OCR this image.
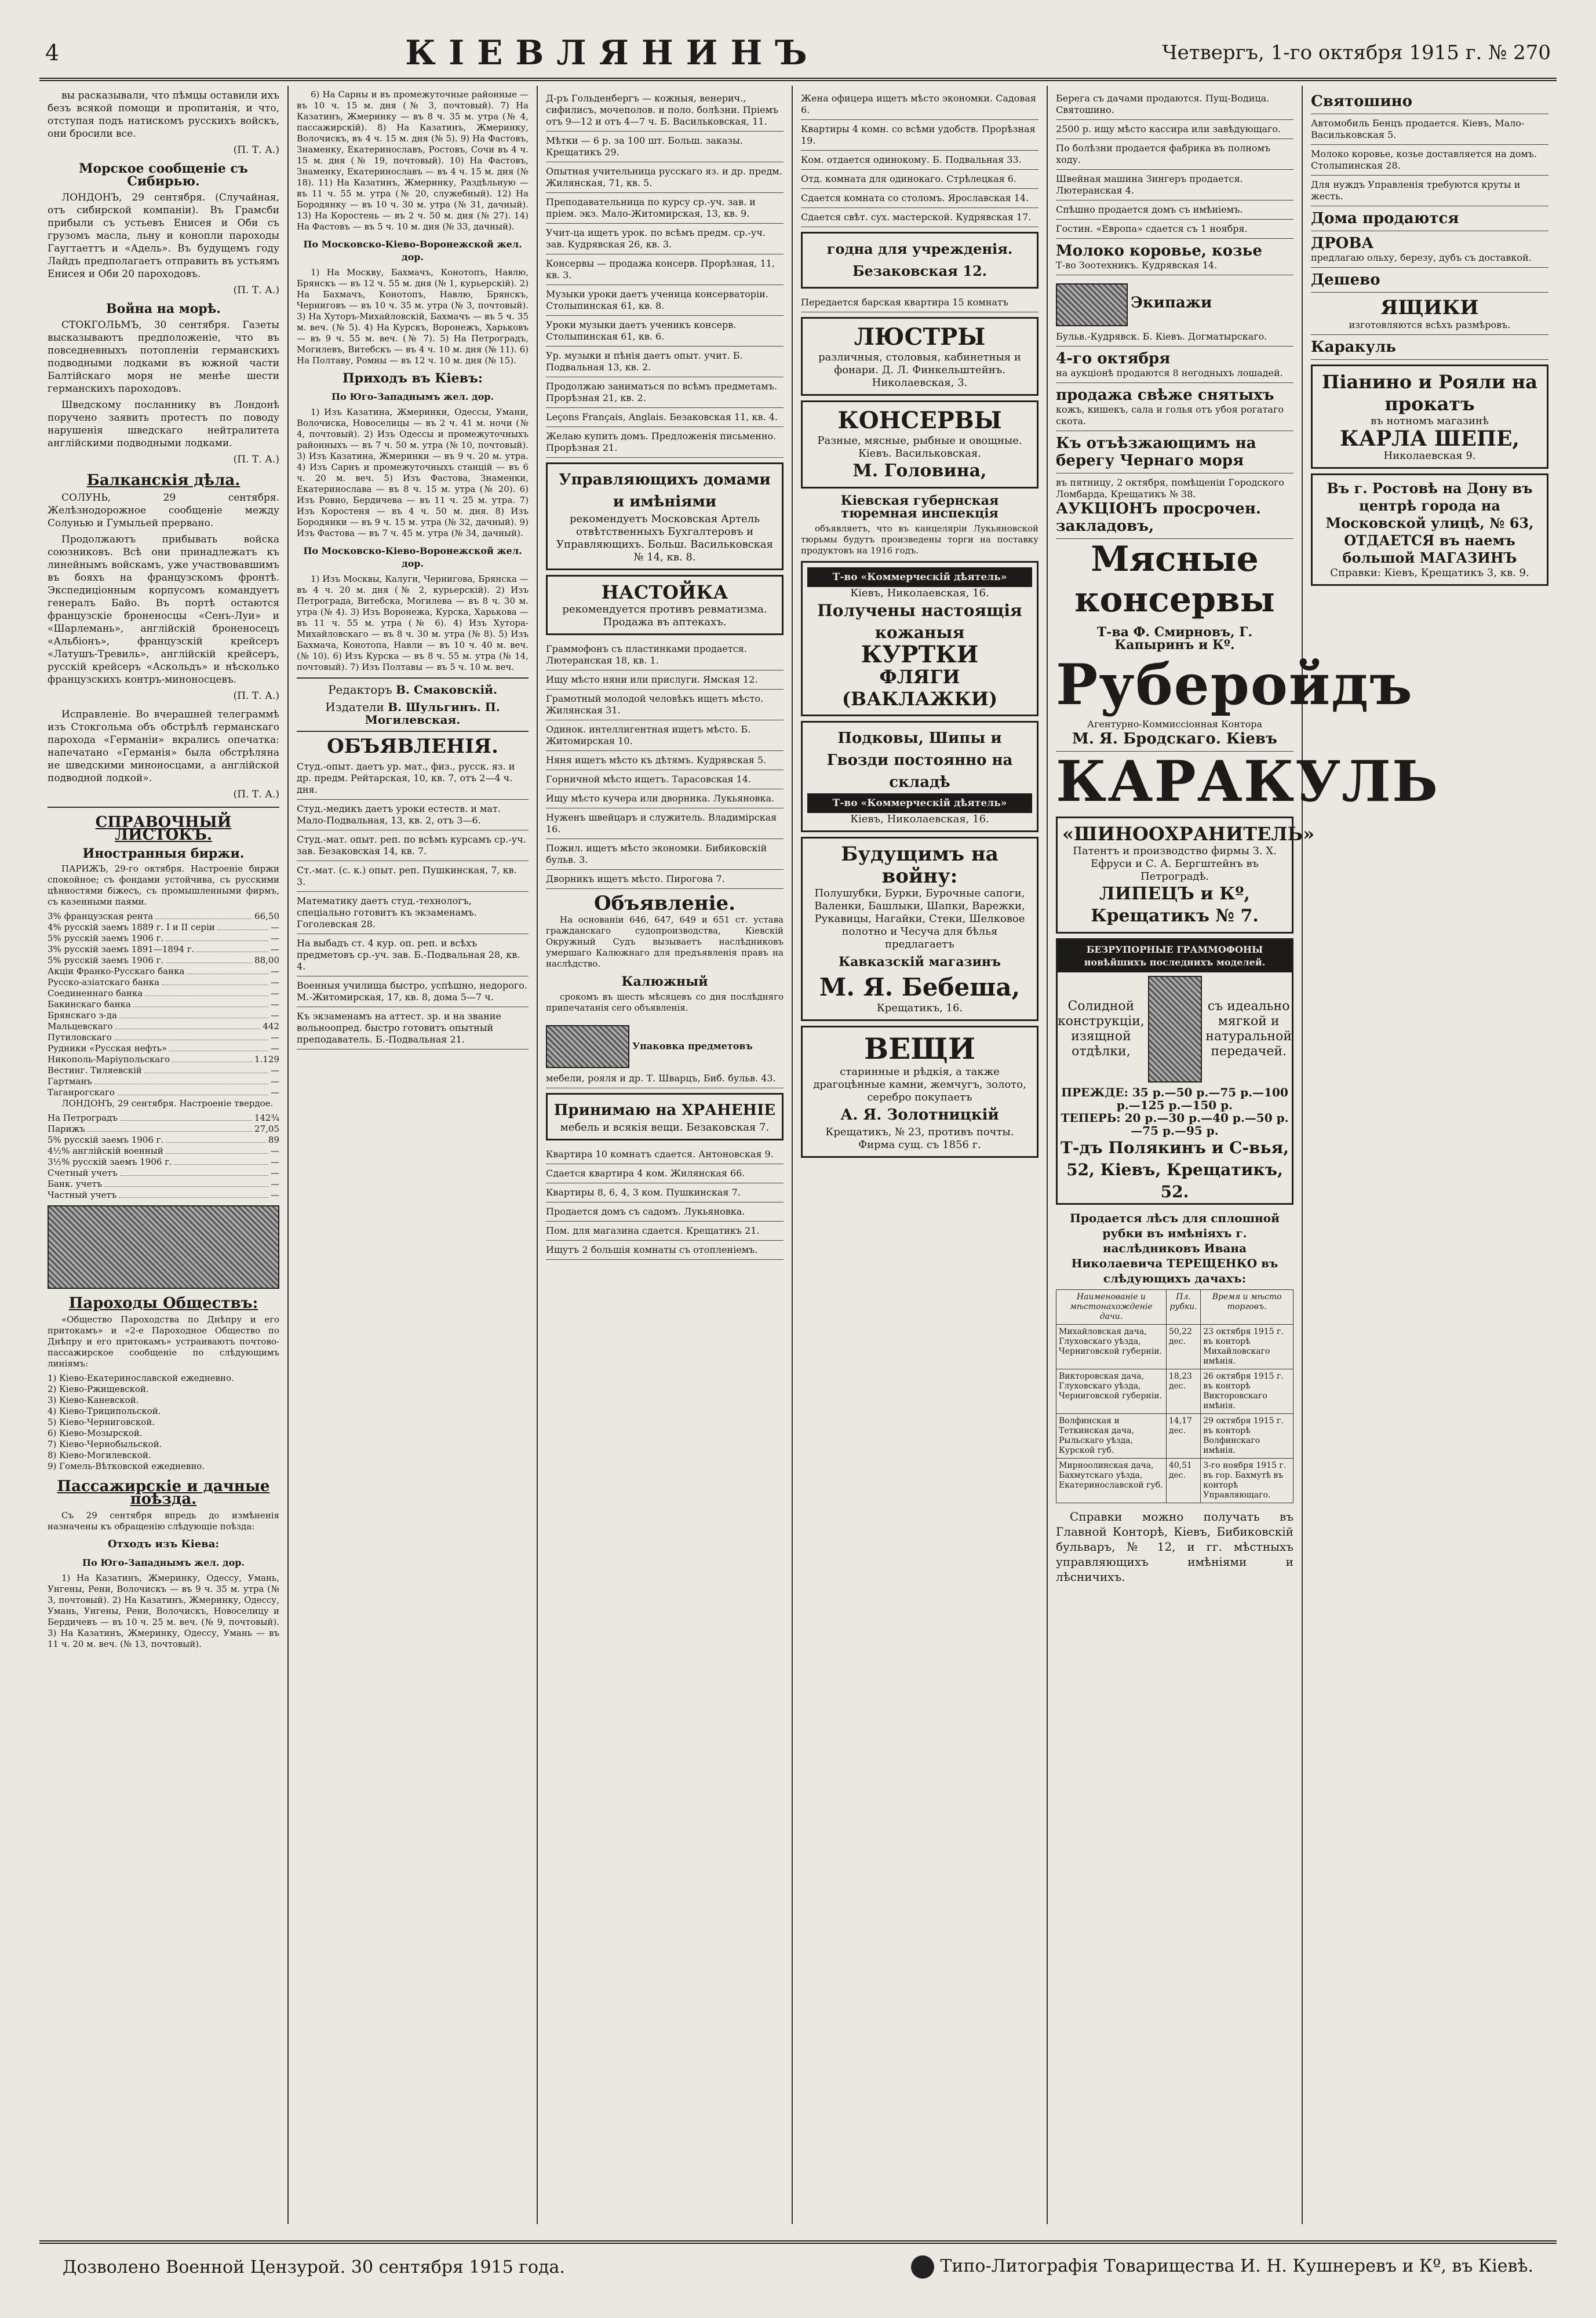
4	КІЕВЛЯНИНЪ	Четвергъ, 1-го октября 1915 г. № 270

вы расказывали, что пѣмцы оставили ихъ безъ всякой помощи и пропитанія, и что, отступая подъ натискомъ русскихъ войскъ, они бросили все.

(П. Т. А.)

Морское сообщеніе съ Сибирью.

ЛОНДОНЪ, 29 сентября. (Случайная, отъ сибирской компаніи). Въ Грамсби прибыли съ устьевъ Енисея и Оби съ грузомъ масла, льну и конопли пароходы Гаугтаеттъ и «Адель». Въ будущемъ году Лайдъ предполагаетъ отправить въ устьямъ Енисея и Оби 20 пароходовъ.

(П. Т. А.)

Война на морѣ.

СТОКГОЛЬМЪ, 30 сентября. Газеты высказываютъ предположеніе, что въ повседневныхъ потопленіи германскихъ подводными лодками въ южной части Балтійскаго моря не менѣе шести германскихъ пароходовъ.

Шведскому посланнику въ Лондонѣ поручено заявить протестъ по поводу нарушенія шведскаго нейтралитета англійскими подводными лодками.

(П. Т. А.)

Балканскія дѣла.

СОЛУНЬ, 29 сентября. Желѣзнодорожное сообщеніе между Солунью и Гумыльей прервано.

Продолжаютъ прибывать войска союзниковъ. Всѣ они принадлежатъ къ линейнымъ войскамъ, уже участвовавшимъ въ бояхъ на французскомъ фронтѣ. Экспедиціонным корпусомъ командуетъ генералъ Байо. Въ портѣ остаются французскіе броненосцы «Сенъ-Луи» и «Шарлемань», англійскій броненосецъ «Альбіонъ», французскій крейсеръ «Латушъ-Тревиль», англійскій крейсеръ, русскій крейсеръ «Аскольдъ» и нѣсколько французскихъ контръ-миноносцевъ.

(П. Т. А.)

Исправленіе. Во вчерашней телеграммѣ изъ Стокгольма объ обстрѣлѣ германскаго парохода «Германіи» вкрались опечатка: напечатано «Германія» была обстрѣляна не шведскими миноносцами, а англійской подводной лодкой».

(П. Т. А.)

СПРАВОЧНЫЙ ЛИСТОКЪ.
Иностранныя биржи.

ПАРИЖЪ, 29-го октября. Настроеніе биржи спокойное; съ фондами устойчива, съ русскими цѣнностями біжесъ, съ промышленными фирмъ, съ казенными паями.

3% французская рента	66,50
4% русскій заемъ 1889 г. I и II серіи	—
5% русскій заемъ 1906 г.	—
3% русскій заемъ 1891—1894 г.	—
5% русскій заемъ 1906 г.	88,00
Акціи Франко-Русскаго банка	—
Русско-азіатскаго банка	—
Соединеннаго банка	—
Бакинскаго банка	—
Брянскаго з-да	—
Мальцевскаго	442
Путиловскаго	—
Рудники «Русская нефть»	—
Никополь-Маріупольскаго	1.129
Вестинг. Тиляевскій	—
Гартманъ	—
Таганрогскаго	—

ЛОНДОНЪ, 29 сентября. Настроеніе твердое.

На Петроградъ	142¾
Парижъ	27,05
5% русскій заемъ 1906 г.	89
4½% англійскій военный	—
3½% русскій заемъ 1906 г.	—
Счетный учетъ	—
Банк. учетъ	—
Частный учетъ	—
Пароходы Обществъ:

«Общество Пароходства по Днѣпру и его притокамъ» и «2-е Пароходное Общество по Днѣпру и его притокамъ» устраиваютъ почтово-пассажирское сообщеніе по слѣдующимъ линіямъ:

1) Кіево-Екатеринославской ежедневно.
2) Кіево-Ржищевской.
3) Кіево-Каневской.
4) Кіево-Триципольской.
5) Кіево-Черниговской.
6) Кіево-Мозырской.
7) Кіево-Чернобыльской.
8) Кіево-Могилевской.
9) Гомель-Вѣтковской ежедневно.
Пассажирскіе и дачные поѣзда.

Съ 29 сентября впредь до измѣненія назначены къ обращенію слѣдующіе поѣзда:

Отходъ изъ Кіева:
По Юго-Западнымъ жел. дор.

1) На Казатинъ, Жмеринку, Одессу, Умань, Унгены, Рени, Волочискъ — въ 9 ч. 35 м. утра (№ 3, почтовый). 2) На Казатинъ, Жмеринку, Одессу, Умань, Унгены, Рени, Волочискъ, Новоселицу и Бердичевъ — въ 10 ч. 25 м. веч. (№ 9, почтовый). 3) На Казатинъ, Жмеринку, Одессу, Умань — въ 11 ч. 20 м. веч. (№ 13, почтовый).

6) На Сарны и въ промежуточные районные — въ 10 ч. 15 м. дня (№ 3, почтовый). 7) На Казатинъ, Жмеринку — въ 8 ч. 35 м. утра (№ 4, пассажирскій). 8) На Казатинъ, Жмеринку, Волочискъ, въ 4 ч. 15 м. дня (№ 5). 9) На Фастовъ, Знаменку, Екатеринославъ, Ростовъ, Сочи въ 4 ч. 15 м. дня (№ 19, почтовый). 10) На Фастовъ, Знаменку, Екатеринославъ — въ 4 ч. 15 м. дня (№ 18). 11) На Казатинъ, Жмеринку, Раздѣльную — въ 11 ч. 55 м. утра (№ 20, служебный). 12) На Бородянку — въ 10 ч. 30 м. утра (№ 31, дачный). 13) На Коростень — въ 2 ч. 50 м. дня (№ 27). 14) На Фастовъ — въ 5 ч. 10 м. дня (№ 33, дачный).

По Московско-Кіево-Воронежской жел. дор.

1) На Москву, Бахмачъ, Конотопъ, Навлю, Брянскъ — въ 12 ч. 55 м. дня (№ 1, курьерскій). 2) На Бахмачъ, Конотопъ, Навлю, Брянскъ, Черниговъ — въ 10 ч. 35 м. утра (№ 3, почтовый). 3) На Хуторъ-Михайловскій, Бахмачъ — въ 5 ч. 35 м. веч. (№ 5). 4) На Курскъ, Воронежъ, Харьковъ — въ 9 ч. 55 м. веч. (№ 7). 5) На Петроградъ, Могилевъ, Витебскъ — въ 4 ч. 10 м. дня (№ 11). 6) На Полтаву, Ромны — въ 12 ч. 10 м. дня (№ 15).

Приходъ въ Кіевъ:
По Юго-Западнымъ жел. дор.

1) Изъ Казатина, Жмеринки, Одессы, Умани, Волочиска, Новоселицы — въ 2 ч. 41 м. ночи (№ 4, почтовый). 2) Изъ Одессы и промежуточныхъ районныхъ — въ 7 ч. 50 м. утра (№ 10, почтовый). 3) Изъ Казатина, Жмеринки — въ 9 ч. 20 м. утра. 4) Изъ Сарнъ и промежуточныхъ станцій — въ 6 ч. 20 м. веч. 5) Изъ Фастова, Знаменки, Екатеринослава — въ 8 ч. 15 м. утра (№ 20). 6) Изъ Ровно, Бердичева — въ 11 ч. 25 м. утра. 7) Изъ Коростеня — въ 4 ч. 50 м. дня. 8) Изъ Бородянки — въ 9 ч. 15 м. утра (№ 32, дачный). 9) Изъ Фастова — въ 7 ч. 45 м. утра (№ 34, дачный).

По Московско-Кіево-Воронежской жел. дор.

1) Изъ Москвы, Калуги, Чернигова, Брянска — въ 4 ч. 20 м. дня (№ 2, курьерскій). 2) Изъ Петрограда, Витебска, Могилева — въ 8 ч. 30 м. утра (№ 4). 3) Изъ Воронежа, Курска, Харькова — въ 11 ч. 55 м. утра (№ 6). 4) Изъ Хутора-Михайловскаго — въ 8 ч. 30 м. утра (№ 8). 5) Изъ Бахмача, Конотопа, Навли — въ 10 ч. 40 м. веч. (№ 10). 6) Изъ Курска — въ 8 ч. 55 м. утра (№ 14, почтовый). 7) Изъ Полтавы — въ 5 ч. 10 м. веч.

Редакторъ В. Смаковскій.
Издатели В. Шульгинъ. П. Могилевская.
ОБЪЯВЛЕНІЯ.
Студ.-опыт. даетъ ур. мат., физ., русск. яз. и др. предм. Рейтарская, 10, кв. 7, отъ 2—4 ч. дня.
Студ.-медикъ даетъ уроки естеств. и мат. Мало-Подвальная, 13, кв. 2, отъ 3—6.
Студ.-мат. опыт. реп. по всѣмъ курсамъ ср.-уч. зав. Безаковская 14, кв. 7.
Ст.-мат. (с. к.) опыт. реп. Пушкинская, 7, кв. 3.
Математику даетъ студ.-технологъ, спеціально готовитъ къ экзаменамъ. Гоголевская 28.
На выбадъ ст. 4 кур. оп. реп. и всѣхъ предметовъ ср.-уч. зав. Б.-Подвальная 28, кв. 4.
Военныя училища быстро, успѣшно, недорого. М.-Житомирская, 17, кв. 8, дома 5—7 ч.
Къ экзаменамъ на аттест. зр. и на звание вольноопред. быстро готовитъ опытный преподаватель. Б.-Подвальная 21.
Д-ръ Гольденбергъ — кожныя, венерич., сифилисъ, мочеполов. и поло. болѣзни. Пріемъ отъ 9—12 и отъ 4—7 ч. Б. Васильковская, 11.
Мѣтки — 6 р. за 100 шт. Больш. заказы. Крещатикъ 29.
Опытная учительница русскаго яз. и др. предм. Жилянская, 71, кв. 5.
Преподавательница по курсу ср.-уч. зав. и пріем. экз. Мало-Житомирская, 13, кв. 9.
Учит-ца ищетъ урок. по всѣмъ предм. ср.-уч. зав. Кудрявская 26, кв. 3.
Консервы — продажа консерв. Прорѣзная, 11, кв. 3.
Музыки уроки даетъ ученица консерваторіи. Столыпинская 61, кв. 8.
Уроки музыки даетъ ученикъ консерв. Столыпинская 61, кв. 6.
Ур. музыки и пѣнія даетъ опыт. учит. Б. Подвальная 13, кв. 2.
Продолжаю заниматься по всѣмъ предметамъ. Прорѣзная 21, кв. 2.
Leçons Français, Anglais. Безаковская 11, кв. 4.
Желаю купить домъ. Предложенія письменно. Прорѣзная 21.
Управляющихъ домами и имѣніями
рекомендуетъ Московская Артель отвѣтственныхъ Бухгалтеровъ и Управляющихъ. Больш. Васильковская № 14, кв. 8.
НАСТОЙКА
рекомендуется противъ ревматизма. Продажа въ аптекахъ.
Граммофонъ съ пластинками продается. Лютеранская 18, кв. 1.
Ищу мѣсто няни или прислуги. Ямская 12.
Грамотный молодой человѣкъ ищетъ мѣсто. Жилянская 31.
Одинок. интеллигентная ищетъ мѣсто. Б. Житомирская 10.
Няня ищетъ мѣсто къ дѣтямъ. Кудрявская 5.
Горничной мѣсто ищетъ. Тарасовская 14.
Ищу мѣсто кучера или дворника. Лукьяновка.
Нуженъ швейцаръ и служитель. Владимірская 16.
Пожил. ищетъ мѣсто экономки. Бибиковскій бульв. 3.
Дворникъ ищетъ мѣсто. Пирогова 7.
Объявленіе.

На основаніи 646, 647, 649 и 651 ст. устава гражданскаго судопроизводства, Кіевскій Окружный Судъ вызываетъ наслѣдниковъ умершаго Калюжнаго для предъявленія правъ на наслѣдство.

Калюжный

срокомъ въ шесть мѣсяцевъ со дня послѣдняго припечатанія сего объявленія.

Упаковка предметовъ
мебели, рояля и др. Т. Шварцъ, Биб. бульв. 43.
Принимаю на ХРАНЕНІЕ
мебель и всякія вещи. Безаковская 7.
Квартира 10 комнатъ сдается. Антоновская 9.
Сдается квартира 4 ком. Жилянская 66.
Квартиры 8, 6, 4, 3 ком. Пушкинская 7.
Продается домъ съ садомъ. Лукьяновка.
Пом. для магазина сдается. Крещатикъ 21.
Ищутъ 2 большія комнаты съ отопленіемъ.
Жена офицера ищетъ мѣсто экономки. Садовая 6.
Квартиры 4 комн. со всѣми удобств. Прорѣзная 19.
Ком. отдается одинокому. Б. Подвальная 33.
Отд. комната для одинокаго. Стрѣлецкая 6.
Сдается комната со столомъ. Ярославская 14.
Сдается свѣт. сух. мастерской. Кудрявская 17.
годна для учрежденія. Безаковская 12.
Передается барская квартира 15 комнатъ
ЛЮСТРЫ
различныя, столовыя, кабинетныя и фонари. Д. Л. Финкельштейнъ. Николаевская, 3.
КОНСЕРВЫ
Разные, мясные, рыбные и овощные. Кіевъ. Васильковская.
М. Головина,
Кіевская губернская тюремная инспекція

объявляетъ, что въ канцеляріи Лукьяновской тюрьмы будутъ произведены торги на поставку продуктовъ на 1916 годъ.

Т-во «Коммерческій дѣятель»
Кіевъ, Николаевская, 16.
Получены настоящія кожаныя
КУРТКИ
ФЛЯГИ (ВАКЛАЖКИ)
Подковы, Шипы и Гвозди постоянно на складѣ
Т-во «Коммерческій дѣятель»
Кіевъ, Николаевская, 16.
Будущимъ на войну:
Полушубки, Бурки, Бурочные сапоги, Валенки, Башлыки, Шапки, Варежки, Рукавицы, Нагайки, Стеки, Шелковое полотно и Чесуча для бѣлья предлагаетъ
Кавказскій магазинъ
М. Я. Бебеша,
Крещатикъ, 16.
ВЕЩИ
старинные и рѣдкія, а также драгоцѣнные камни, жемчугъ, золото, серебро покупаетъ
А. Я. Золотницкій
Крещатикъ, № 23, противъ почты. Фирма сущ. съ 1856 г.
Берега съ дачами продаются. Пущ-Водица. Святошино.
2500 р. ищу мѣсто кассира или завѣдующаго.
По болѣзни продается фабрика въ полномъ ходу.
Швейная машина Зингеръ продается. Лютеранская 4.
Спѣшно продается домъ съ имѣніемъ.
Гостин. «Европа» сдается съ 1 ноября.
Молоко коровье, козье
Т-во Зоотехникъ. Кудрявская 14.
Экипажи
Бульв.-Кудрявск. Б. Кіевъ. Догматырскаго.
4-го октября
на аукціонѣ продаются 8 негодныхъ лошадей.
продажа свѣже снятыхъ
кожъ, кишекъ, сала и голья отъ убоя рогатаго скота.
Къ отъѣзжающимъ на берегу Чернаго моря
въ пятницу, 2 октября, помѣщеніи Городского Ломбарда, Крещатикъ № 38.
АУКЦІОНЪ просрочен. закладовъ,
Мясные консервы
Т-ва Ф. Смирновъ, Г. Капыринъ и Кº.
Руберойдъ
Агентурно-Коммиссіонная Контора
М. Я. Бродскаго. Кіевъ
КАРАКУЛЬ
«ШИНООХРАНИТЕЛЬ»
Патентъ и производство фирмы З. Х. Ефруси и С. А. Бергштейнъ въ Петроградѣ.
ЛИПЕЦЪ и Кº, Крещатикъ № 7.
БЕЗРУПОРНЫЕ ГРАММОФОНЫ новѣйшихъ последнихъ моделей.
Солидной конструкціи, изящной отдѣлки,
съ идеально мягкой и натуральной передачей.
ПРЕЖДЕ: 35 р.—50 р.—75 р.—100 р.—125 р.—150 р.
ТЕПЕРЬ: 20 р.—30 р.—40 р.—50 р.—75 р.—95 р.
Т-дъ Полякинъ и С-вья, 52, Кіевъ, Крещатикъ, 52.
Продается лѣсъ для сплошной рубки въ имѣніяхъ г. наслѣдниковъ Ивана Николаевича ТЕРЕЩЕНКО въ слѣдующихъ дачахъ:
Наименованіе и мѣстонахожденіе дачи.	Пл. рубки.	Время и мѣсто торговъ.
Михайловская дача, Глуховскаго уѣзда, Черниговской губерніи.	50,22 дес.	23 октября 1915 г. въ конторѣ Михайловскаго имѣнія.
Викторовская дача, Глуховскаго уѣзда, Черниговской губерніи.	18,23 дес.	26 октября 1915 г. въ конторѣ Викторовскаго имѣнія.
Волфинская и Теткинская дача, Рыльскаго уѣзда, Курской губ.	14,17 дес.	29 октября 1915 г. въ конторѣ Волфинскаго имѣнія.
Мирноолинская дача, Бахмутскаго уѣзда, Екатеринославской губ.	40,51 дес.	3-го ноября 1915 г. въ гор. Бахмутѣ въ конторѣ Управляющаго.

Справки можно получать въ Главной Конторѣ, Кіевъ, Бибиковскій бульваръ, № 12, и гг. мѣстныхъ управляющихъ имѣніями и лѣсничихъ.

Святошино
Автомобиль Бенцъ продается. Кіевъ, Мало-Васильковская 5.
Молоко коровье, козье доставляется на домъ. Столыпинская 28.
Для нуждъ Управленія требуются круты и жесть.
Дома продаются
ДРОВА
предлагаю ольху, березу, дубъ съ доставкой.
Дешево
ЯЩИКИ
изготовляются всѣхъ размѣровъ.
Каракуль
Піанино и Рояли на прокатъ
въ нотномъ магазинѣ
КАРЛА ШЕПЕ,
Николаевская 9.
Въ г. Ростовѣ на Дону въ центрѣ города на Московской улицѣ, № 63, ОТДАЕТСЯ въ наемъ большой МАГАЗИНЪ
Справки: Кіевъ, Крещатикъ 3, кв. 9.
Дозволено Военной Цензурой. 30 сентября 1915 года.	Типо-Литографія Товарищества И. Н. Кушнеревъ и Кº, въ Кіевѣ.
